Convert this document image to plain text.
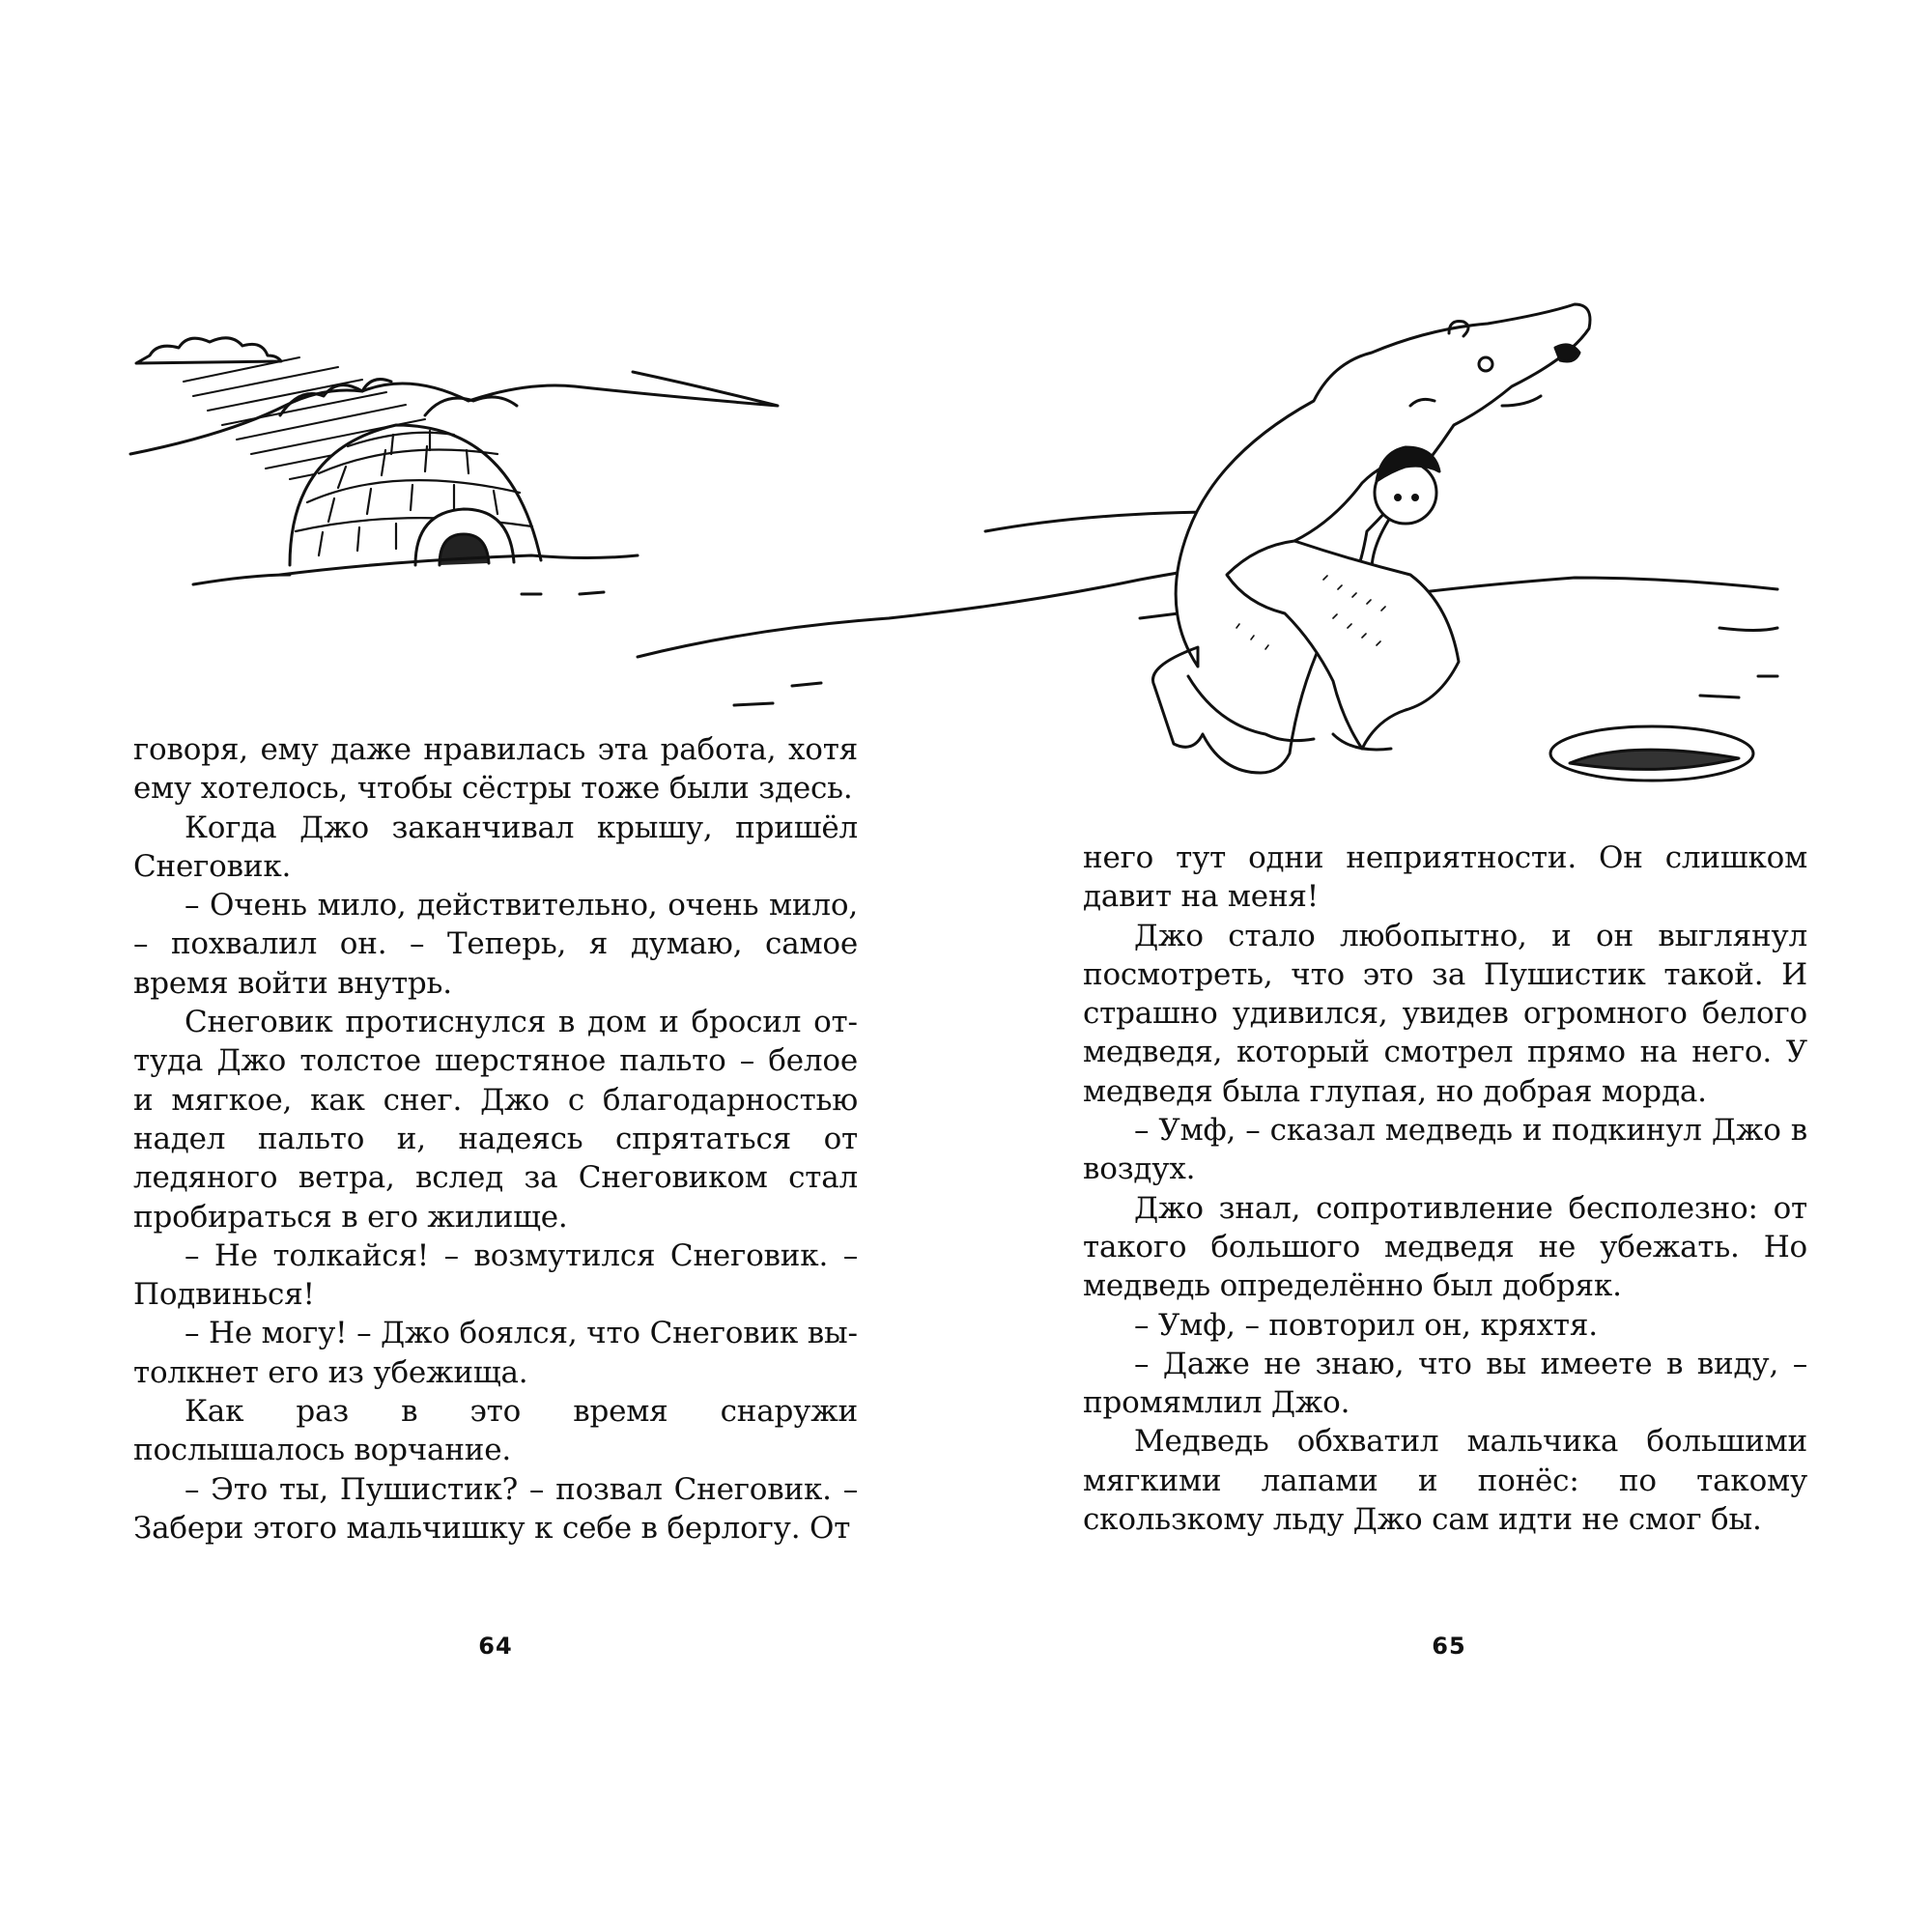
говоря, ему даже нравилась эта работа, хотя ему хотелось, чтобы сёстры тоже были здесь.

Когда Джо заканчивал крышу, пришёл Снеговик.

– Очень мило, действительно, очень мило, – похвалил он. – Теперь, я думаю, самое время войти внутрь.

Снеговик протиснулся в дом и бросил оттуда Джо толстое шерстяное пальто – белое и мягкое, как снег. Джо с благодарностью надел пальто и, надеясь спрятаться от ледяного ветра, вслед за Снеговиком стал пробираться в его жилище.

– Не толкайся! – возмутился Снеговик. – Подвинься!

– Не могу! – Джо боялся, что Снеговик вытолкнет его из убежища.

Как раз в это время снаружи послышалось ворчание.

– Это ты, Пушистик? – позвал Снеговик. – Забери этого мальчишку к себе в берлогу. От

него тут одни неприятности. Он слишком давит на меня!

Джо стало любопытно, и он выглянул посмотреть, что это за Пушистик такой. И страшно удивился, увидев огромного белого медведя, который смотрел прямо на него. У медведя была глупая, но добрая морда.

– Умф, – сказал медведь и подкинул Джо в воздух.

Джо знал, сопротивление бесполезно: от такого большого медведя не убежать. Но медведь определённо был добряк.

– Умф, – повторил он, кряхтя.

– Даже не знаю, что вы имеете в виду, – промямлил Джо.

Медведь обхватил мальчика большими мягкими лапами и понёс: по такому скользкому льду Джо сам идти не смог бы.

64	65
